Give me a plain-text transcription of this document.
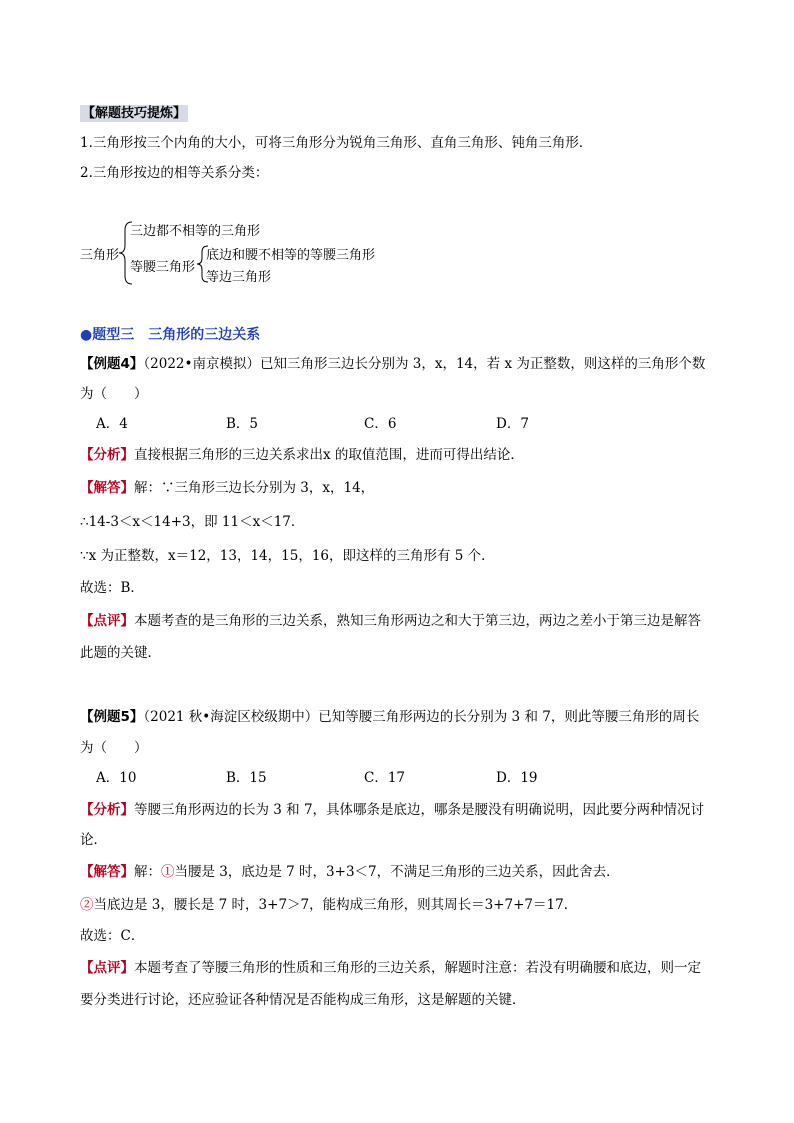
【解题技巧提炼】
1.三角形按三个内角的大小，可将三角形分为锐角三角形、直角三角形、钝角三角形．
2.三角形按边的相等关系分类：
三角形
三边都不相等的三角形
等腰三角形
底边和腰不相等的等腰三角形
等边三角形
●题型三　三角形的三边关系
【例题4】（2022•南京模拟）已知三角形三边长分别为 3，x，14，若 x 为正整数，则这样的三角形个数
为（　　）
A．4	B．5	C．6	D．7
【分析】直接根据三角形的三边关系求出x 的取值范围，进而可得出结论．
【解答】解：∵三角形三边长分别为 3，x，14，
∴14-3＜x＜14+3，即 11＜x＜17．
∵x 为正整数，x＝12，13，14，15，16，即这样的三角形有 5 个．
故选：B．
【点评】本题考查的是三角形的三边关系，熟知三角形两边之和大于第三边，两边之差小于第三边是解答
此题的关键．
【例题5】（2021 秋•海淀区校级期中）已知等腰三角形两边的长分别为 3 和 7，则此等腰三角形的周长
为（　　）
A．10	B．15	C．17	D．19
【分析】等腰三角形两边的长为 3 和 7，具体哪条是底边，哪条是腰没有明确说明，因此要分两种情况讨
论．
【解答】解：①当腰是 3，底边是 7 时，3+3＜7，不满足三角形的三边关系，因此舍去．
②当底边是 3，腰长是 7 时，3+7＞7，能构成三角形，则其周长＝3+7+7＝17．
故选：C．
【点评】本题考查了等腰三角形的性质和三角形的三边关系，解题时注意：若没有明确腰和底边，则一定
要分类进行讨论，还应验证各种情况是否能构成三角形，这是解题的关键．
